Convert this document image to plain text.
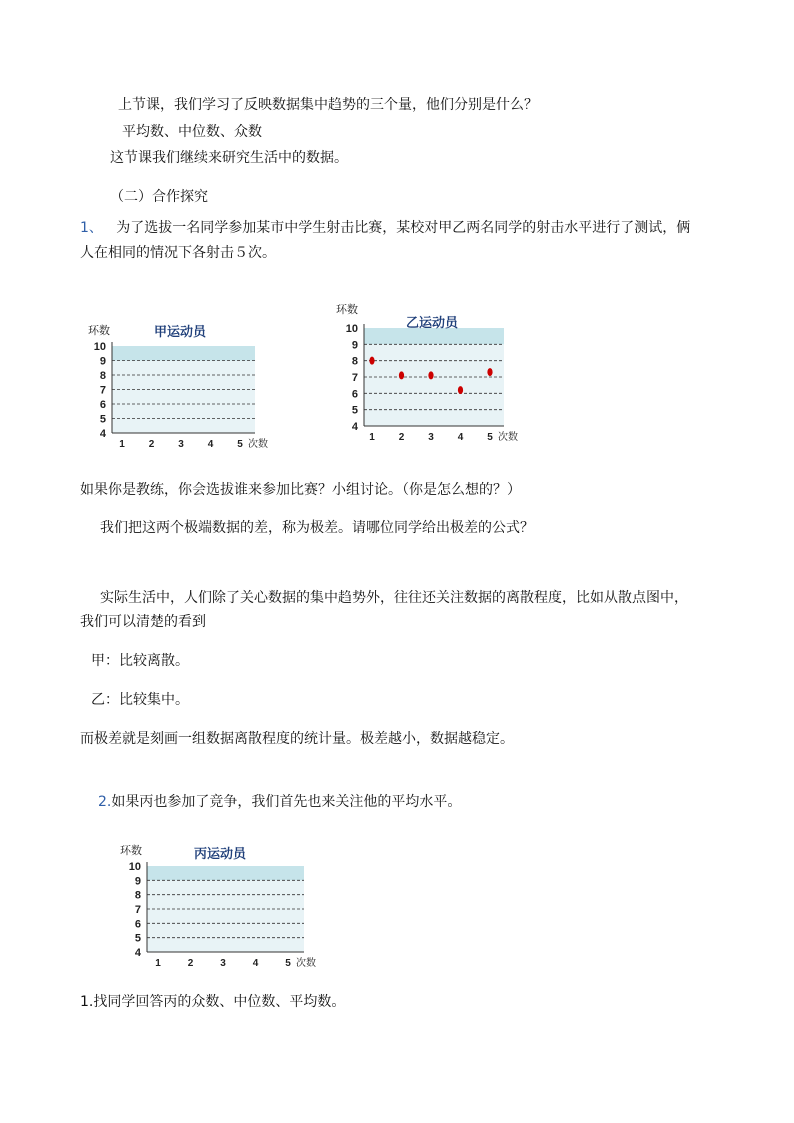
上节课，我们学习了反映数据集中趋势的三个量，他们分别是什么？
平均数、中位数、众数
这节课我们继续来研究生活中的数据。
（二）合作探究
1、 为了选拔一名同学参加某市中学生射击比赛，某校对甲乙两名同学的射击水平进行了测试，俩
人在相同的情况下各射击５次。
甲运动员
环数
10
9
8
7
6
5
4
1 2 3 4 5 次数
乙运动员
环数
10
9
8
7
6
5
4
1 2 3 4 5 次数
如果你是教练，你会选拔谁来参加比赛？小组讨论。（你是怎么想的？）
我们把这两个极端数据的差，称为极差。请哪位同学给出极差的公式？
实际生活中，人们除了关心数据的集中趋势外，往往还关注数据的离散程度，比如从散点图中，
我们可以清楚的看到
甲：比较离散。
乙：比较集中。
而极差就是刻画一组数据离散程度的统计量。极差越小，数据越稳定。
2.如果丙也参加了竞争，我们首先也来关注他的平均水平。
丙运动员
环数
10
9
8
7
6
5
4
1	2	3	4	5 次数
1.找同学回答丙的众数、中位数、平均数。
